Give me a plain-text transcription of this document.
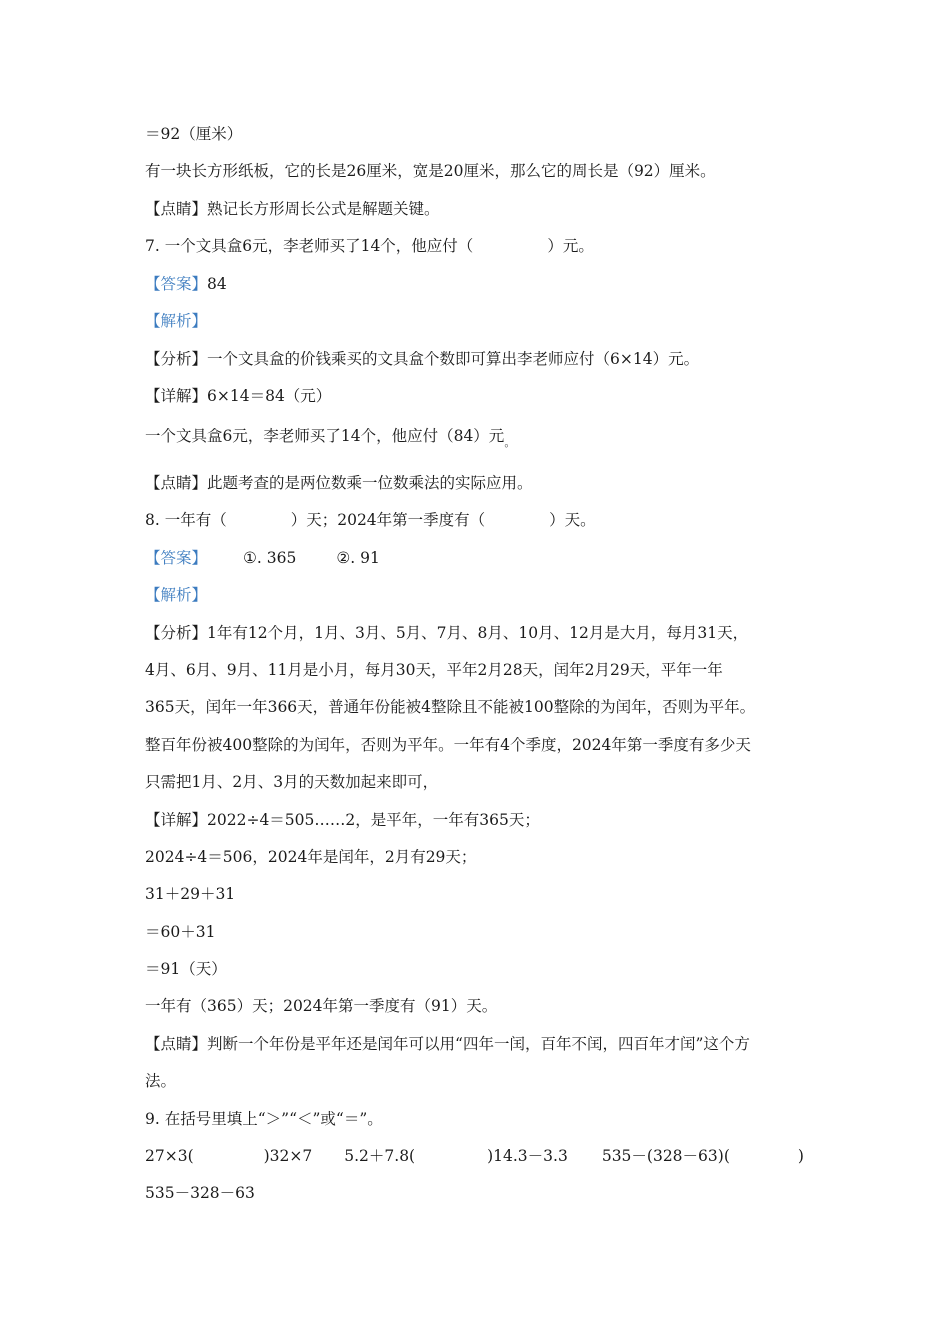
＝92（厘米）
有一块长方形纸板，它的长是26厘米，宽是20厘米，那么它的周长是（92）厘米。
【点睛】熟记长方形周长公式是解题关键。
7. 一个文具盒6元，李老师买了14个，他应付（	）元。
【答案】84
【解析】
【分析】一个文具盒的价钱乘买的文具盒个数即可算出李老师应付（6×14）元。
【详解】6×14＝84（元）
一个文具盒6元，李老师买了14个，他应付（84）元$_。$
【点睛】此题考查的是两位数乘一位数乘法的实际应用。
8. 一年有（	）天；2024年第一季度有（	）天。
【答案】 ①. 365	②. 91
【解析】
【分析】1年有12个月，1月、3月、5月、7月、8月、10月、12月是大月，每月31天，
4月、6月、9月、11月是小月，每月30天，平年2月28天，闰年2月29天，平年一年
365天，闰年一年366天，普通年份能被4整除且不能被100整除的为闰年，否则为平年。
整百年份被400整除的为闰年，否则为平年。一年有4个季度，2024年第一季度有多少天
只需把1月、2月、3月的天数加起来即可，
【详解】2022÷4＝505……2，是平年，一年有365天；
2024÷4＝506，2024年是闰年，2月有29天；
31＋29＋31
＝60＋31
＝91（天）
一年有（365）天；2024年第一季度有（91）天。
【点睛】判断一个年份是平年还是闰年可以用“四年一闰，百年不闰，四百年才闰”这个方
法。
9. 在括号里填上“＞”“＜”或“＝”。
27×3(	)32×7 5.2＋7.8(	)14.3－3.3 535－(328－63)(	)
535－328－63
